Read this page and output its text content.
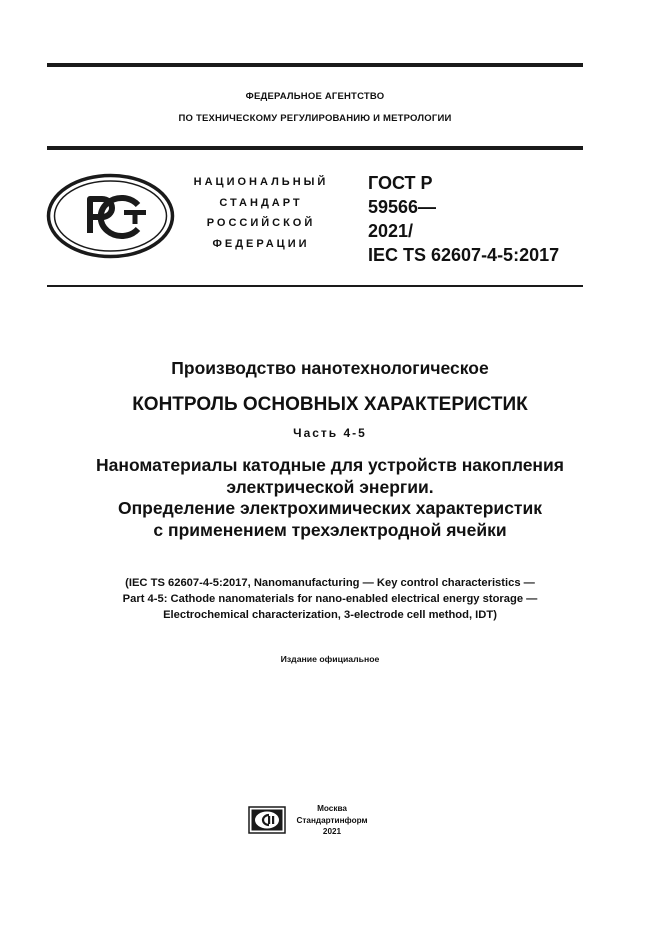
ФЕДЕРАЛЬНОЕ АГЕНТСТВО
ПО ТЕХНИЧЕСКОМУ РЕГУЛИРОВАНИЮ И МЕТРОЛОГИИ
НАЦИОНАЛЬНЫЙ
СТАНДАРТ
РОССИЙСКОЙ
ФЕДЕРАЦИИ
ГОСТ Р
59566—
2021/
IEC TS 62607-4-5:2017
Производство нанотехнологическое
КОНТРОЛЬ ОСНОВНЫХ ХАРАКТЕРИСТИК
Часть 4-5
Наноматериалы катодные для устройств накопления
электрической энергии.
Определение электрохимических характеристик
с применением трехэлектродной ячейки
(IEC TS 62607-4-5:2017, Nanomanufacturing — Key control characteristics —
Part 4-5: Cathode nanomaterials for nano-enabled electrical energy storage —
Electrochemical characterization, 3-electrode cell method, IDT)
Издание официальное
Москва
Стандартинформ
2021
